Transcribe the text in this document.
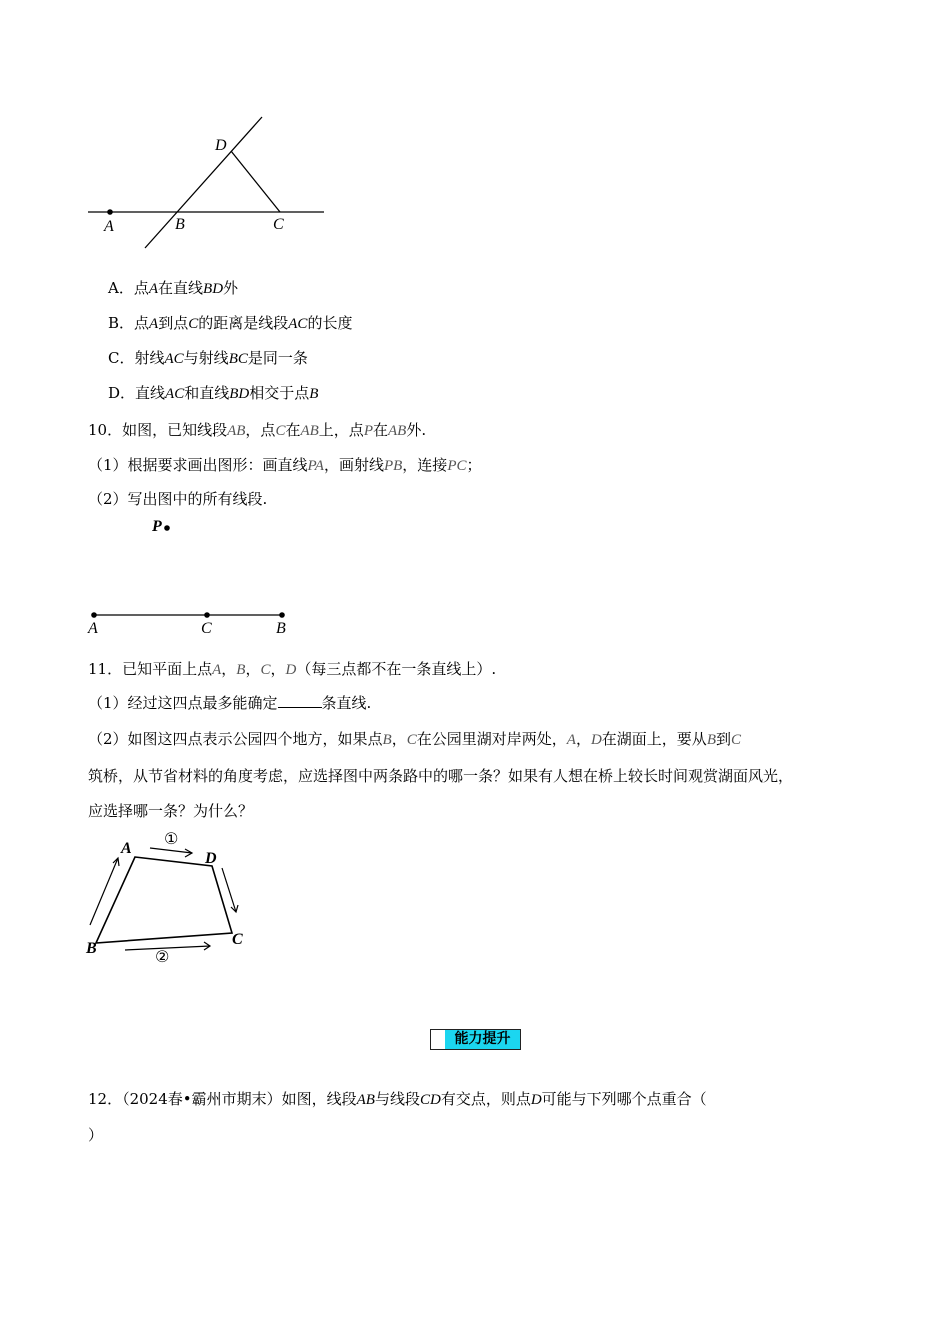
D
A	B	C
A．点A在直线BD外
B．点A到点C的距离是线段AC的长度
C．射线AC与射线BC是同一条
D．直线AC和直线BD相交于点B
10．如图，已知线段AB，点C在AB上，点P在AB外.
（1）根据要求画出图形：画直线PA，画射线PB，连接PC；
（2）写出图中的所有线段.
P
A	C	B
11．已知平面上点A，B，C，D（每三点都不在一条直线上）.
（1）经过这四点最多能确定	条直线.
（2）如图这四点表示公园四个地方，如果点B，C在公园里湖对岸两处，A，D在湖面上，要从B到C
筑桥，从节省材料的角度考虑，应选择图中两条路中的哪一条？如果有人想在桥上较长时间观赏湖面风光，
应选择哪一条？为什么？
A
D
B
C
①
②
能力提升
12．（2024春•霸州市期末）如图，线段AB与线段CD有交点，则点D可能与下列哪个点重合（
）
